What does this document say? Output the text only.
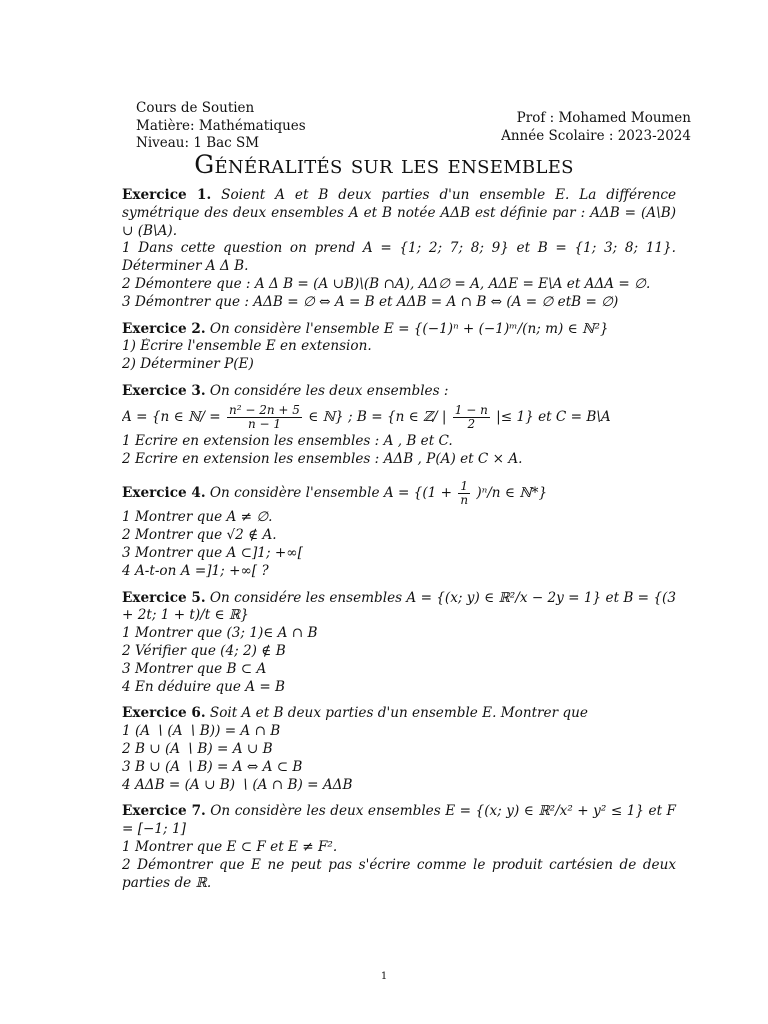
Cours de Soutien
Matière: Mathématiques
Niveau: 1 Bac SM
Prof : Mohamed Moumen
Année Scolaire : 2023-2024
Généralités sur les ensembles
Exercice 1. Soient A et B deux parties d'un ensemble E. La différence symétrique des deux ensembles A et B notée AΔB est définie par : AΔB = (A\B) ∪ (B\A).
1 Dans cette question on prend A = {1; 2; 7; 8; 9} et B = {1; 3; 8; 11}. Déterminer A Δ B.
2 Démontere que : A Δ B = (A ∪B)\(B ∩A), AΔ∅ = A, AΔE = E\A et AΔA = ∅.
3 Démontrer que : AΔB = ∅ ⇔ A = B et AΔB = A ∩ B ⇔ (A = ∅ etB = ∅)
Exercice 2. On considère l'ensemble E = {(−1)ⁿ + (−1)ᵐ/(n; m) ∈ ℕ²}
1) Écrire l'ensemble E en extension.
2) Déterminer P(E)
Exercice 3. On considére les deux ensembles :
A = {n ∈ ℕ/ = $\frac{\text{n² − 2n + 5}}{n - 1}$ ∈ ℕ} ; B = {n ∈ ℤ/ | $\frac{1 - n}{2}$ |≤ 1} et C = B\A
1 Ecrire en extension les ensembles : A , B et C.
2 Ecrire en extension les ensembles : AΔB , P(A) et C × A.
Exercice 4. On considère l'ensemble $A = \{(1 + \frac{1}{n} )^n/n$ ∈ ℕ*}
1 Montrer que A ≠ ∅.
2 Montrer que √2 ∉ A.
3 Montrer que A ⊂]1; +∞[
4 A-t-on A =]1; +∞[ ?
Exercice 5. On considére les ensembles A = {(x; y) ∈ ℝ²/x − 2y = 1} et B = {(3 + 2t; 1 + t)/t ∈ ℝ}
1 Montrer que (3; 1)∈ A ∩ B
2 Vérifier que (4; 2) ∉ B
3 Montrer que B ⊂ A
4 En déduire que A = B
Exercice 6. Soit A et B deux parties d'un ensemble E. Montrer que
1 (A ∖ (A ∖ B)) = A ∩ B
2 B ∪ (A ∖ B) = A ∪ B
3 B ∪ (A ∖ B) = A ⇔ A̅ ⊂ B̅
4 AΔB = (A ∪ B) ∖ (A ∩ B) = A̅ΔB̅
Exercice 7. On considère les deux ensembles E = {(x; y) ∈ ℝ²/x² + y² ≤ 1} et F = [−1; 1]
1 Montrer que E ⊂ F et E ≠ F².
2 Démontrer que E ne peut pas s'écrire comme le produit cartésien de deux parties de ℝ.
1
